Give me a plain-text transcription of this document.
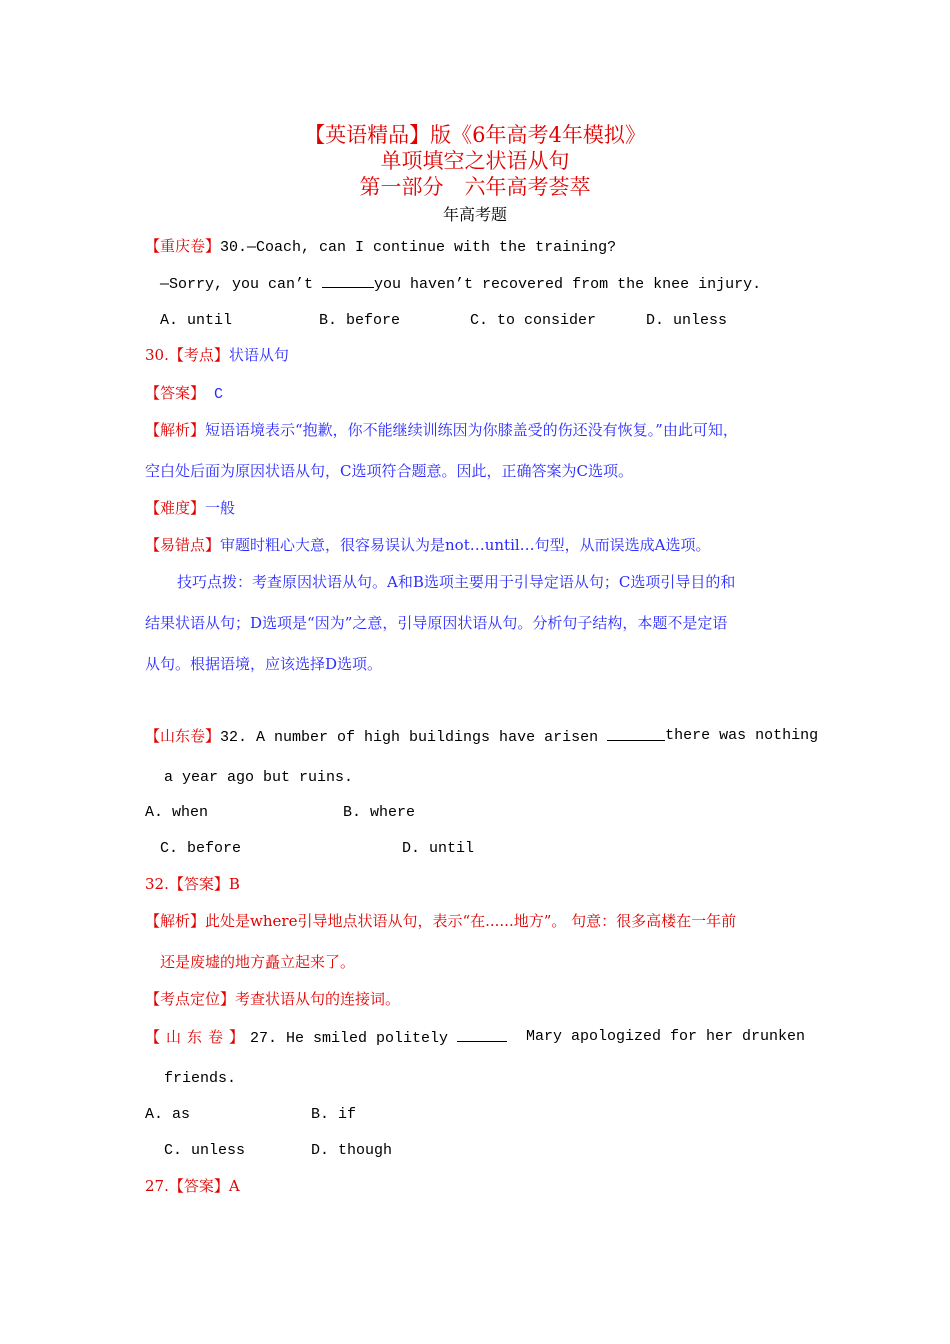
【英语精品】版《6年高考4年模拟》
单项填空之状语从句
第一部分　六年高考荟萃
年高考题
【重庆卷】30.—Coach, can I continue with the training?
—Sorry, you can’t	you haven’t recovered from the knee injury.
A. until	B. before	C. to consider	D. unless
30.【考点】状语从句
【答案】 C
【解析】短语语境表示“抱歉，你不能继续训练因为你膝盖受的伤还没有恢复。”由此可知，
空白处后面为原因状语从句，C选项符合题意。因此，正确答案为C选项。
【难度】一般
【易错点】审题时粗心大意，很容易误认为是not…until…句型，从而误选成A选项。
技巧点拨：考查原因状语从句。A和B选项主要用于引导定语从句；C选项引导目的和
结果状语从句；D选项是“因为”之意，引导原因状语从句。分析句子结构，本题不是定语
从句。根据语境，应该选择D选项。
【山东卷】32. A number of high buildings have arisen	there was nothing
a year ago but ruins.
A. when	B. where
C. before	D. until
32.【答案】B
【解析】此处是where引导地点状语从句，表示“在......地方”。 句意：很多高楼在一年前
还是废墟的地方矗立起来了。
【考点定位】考查状语从句的连接词。
【山东卷】27. He smiled politely	Mary apologized for her drunken
friends.
A. as	B. if
C. unless	D. though
27.【答案】A
